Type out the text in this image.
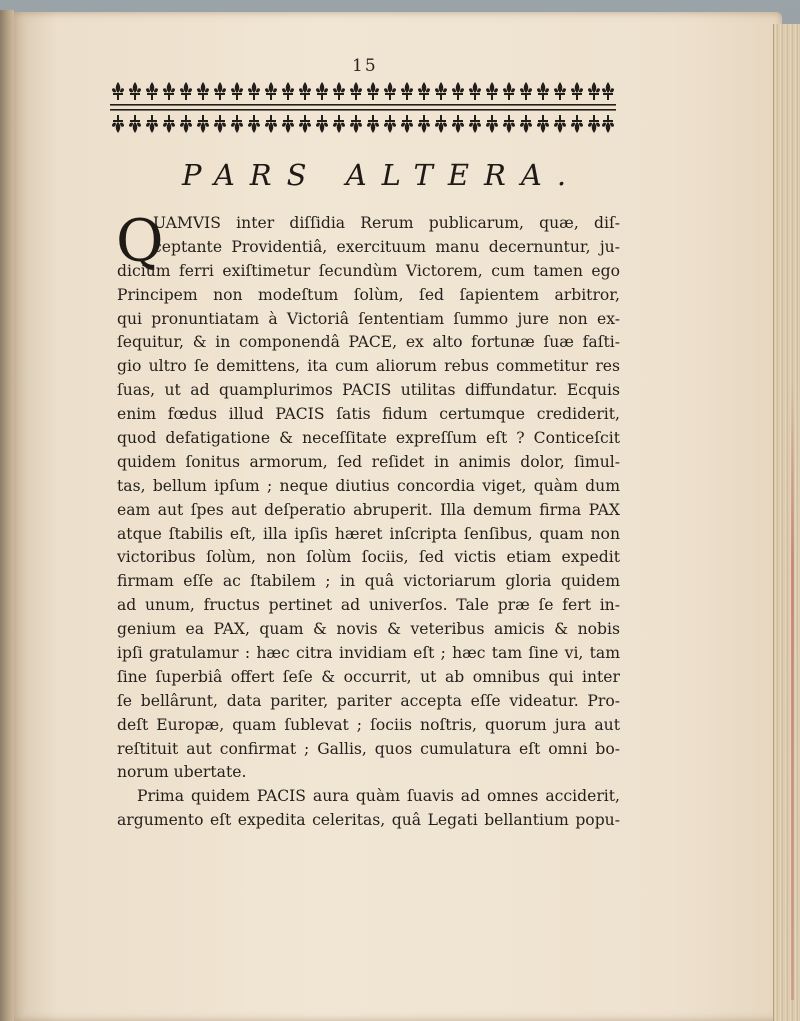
15
PARS ALTERA.
Q
UAMVIS inter diſſidia Rerum publicarum, quæ, diſ-
ceptante Providentiâ, exercituum manu decernuntur, ju-
dicium ferri exiſtimetur ſecundùm Victorem, cum tamen ego
Principem non modeſtum ſolùm, ſed ſapientem arbitror,
qui pronuntiatam à Victoriâ ſententiam ſummo jure non ex-
ſequitur, & in componendâ PACE, ex alto fortunæ ſuæ faſti-
gio ultro ſe demittens, ita cum aliorum rebus commetitur res
ſuas, ut ad quamplurimos PACIS utilitas diffundatur. Ecquis
enim fœdus illud PACIS ſatis fidum certumque crediderit,
quod defatigatione & neceſſitate expreſſum eſt ? Conticeſcit
quidem ſonitus armorum, ſed reſidet in animis dolor, ſimul-
tas, bellum ipſum ; neque diutius concordia viget, quàm dum
eam aut ſpes aut deſperatio abruperit. Illa demum firma PAX
atque ſtabilis eſt, illa ipſis hæret inſcripta ſenſibus, quam non
victoribus ſolùm, non ſolùm ſociis, ſed victis etiam expedit
firmam eſſe ac ſtabilem ; in quâ victoriarum gloria quidem
ad unum, fructus pertinet ad univerſos. Tale præ ſe fert in-
genium ea PAX, quam & novis & veteribus amicis & nobis
ipſi gratulamur : hæc citra invidiam eſt ; hæc tam ſine vi, tam
ſine ſuperbiâ offert ſeſe & occurrit, ut ab omnibus qui inter
ſe bellârunt, data pariter, pariter accepta eſſe videatur. Pro-
deſt Europæ, quam ſublevat ; ſociis noſtris, quorum jura aut
reſtituit aut confirmat ; Gallis, quos cumulatura eſt omni bo-
norum ubertate.
Prima quidem PACIS aura quàm ſuavis ad omnes acciderit,
argumento eſt expedita celeritas, quâ Legati bellantium popu-
